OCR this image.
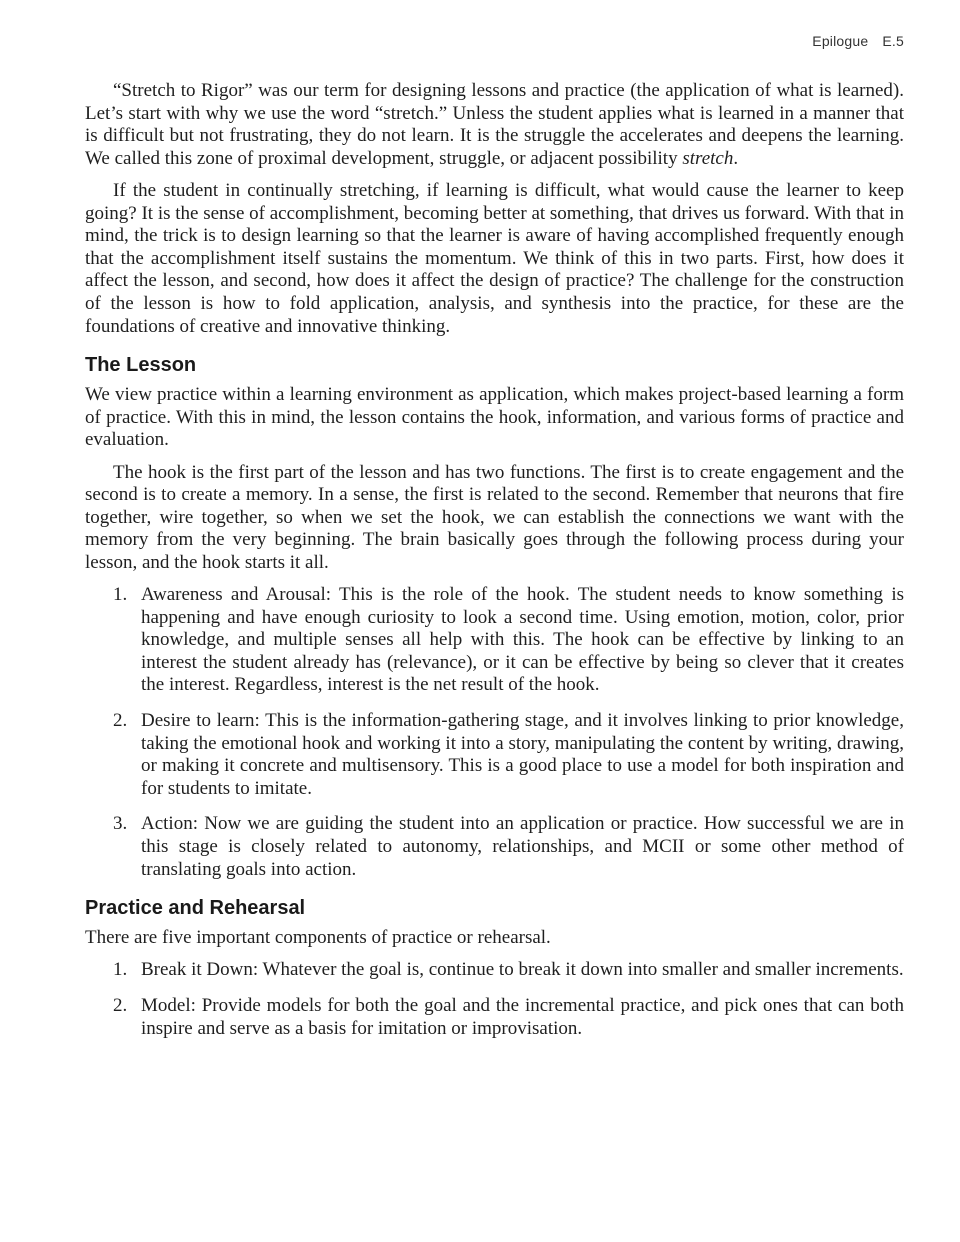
Epilogue E.5

“Stretch to Rigor” was our term for designing lessons and practice (the application of what is learned). Let’s start with why we use the word “stretch.” Unless the student applies what is learned in a manner that is difficult but not frustrating, they do not learn. It is the struggle the accelerates and deepens the learning. We called this zone of proximal development, struggle, or adjacent possibility stretch.

If the student in continually stretching, if learning is difficult, what would cause the learner to keep going? It is the sense of accomplishment, becoming better at something, that drives us forward. With that in mind, the trick is to design learning so that the learner is aware of having accomplished frequently enough that the accomplishment itself sustains the momentum. We think of this in two parts. First, how does it affect the lesson, and second, how does it affect the design of practice? The challenge for the construction of the lesson is how to fold application, analysis, and synthesis into the practice, for these are the foundations of creative and innovative thinking.

The Lesson

We view practice within a learning environment as application, which makes project-based learning a form of practice. With this in mind, the lesson contains the hook, information, and various forms of practice and evaluation.

The hook is the first part of the lesson and has two functions. The first is to create engagement and the second is to create a memory. In a sense, the first is related to the second. Remember that neurons that fire together, wire together, so when we set the hook, we can establish the connections we want with the memory from the very beginning. The brain basically goes through the following process during your lesson, and the hook starts it all.

1. Awareness and Arousal: This is the role of the hook. The student needs to know something is happening and have enough curiosity to look a second time. Using emotion, motion, color, prior knowledge, and multiple senses all help with this. The hook can be effective by linking to an interest the student already has (relevance), or it can be effective by being so clever that it creates the interest. Regardless, interest is the net result of the hook.
2. Desire to learn: This is the information-gathering stage, and it involves linking to prior knowledge, taking the emotional hook and working it into a story, manipulating the content by writing, drawing, or making it concrete and multisensory. This is a good place to use a model for both inspiration and for students to imitate.
3. Action: Now we are guiding the student into an application or practice. How successful we are in this stage is closely related to autonomy, relationships, and MCII or some other method of translating goals into action.
Practice and Rehearsal

There are five important components of practice or rehearsal.

1. Break it Down: Whatever the goal is, continue to break it down into smaller and smaller increments.
2. Model: Provide models for both the goal and the incremental practice, and pick ones that can both inspire and serve as a basis for imitation or improvisation.
